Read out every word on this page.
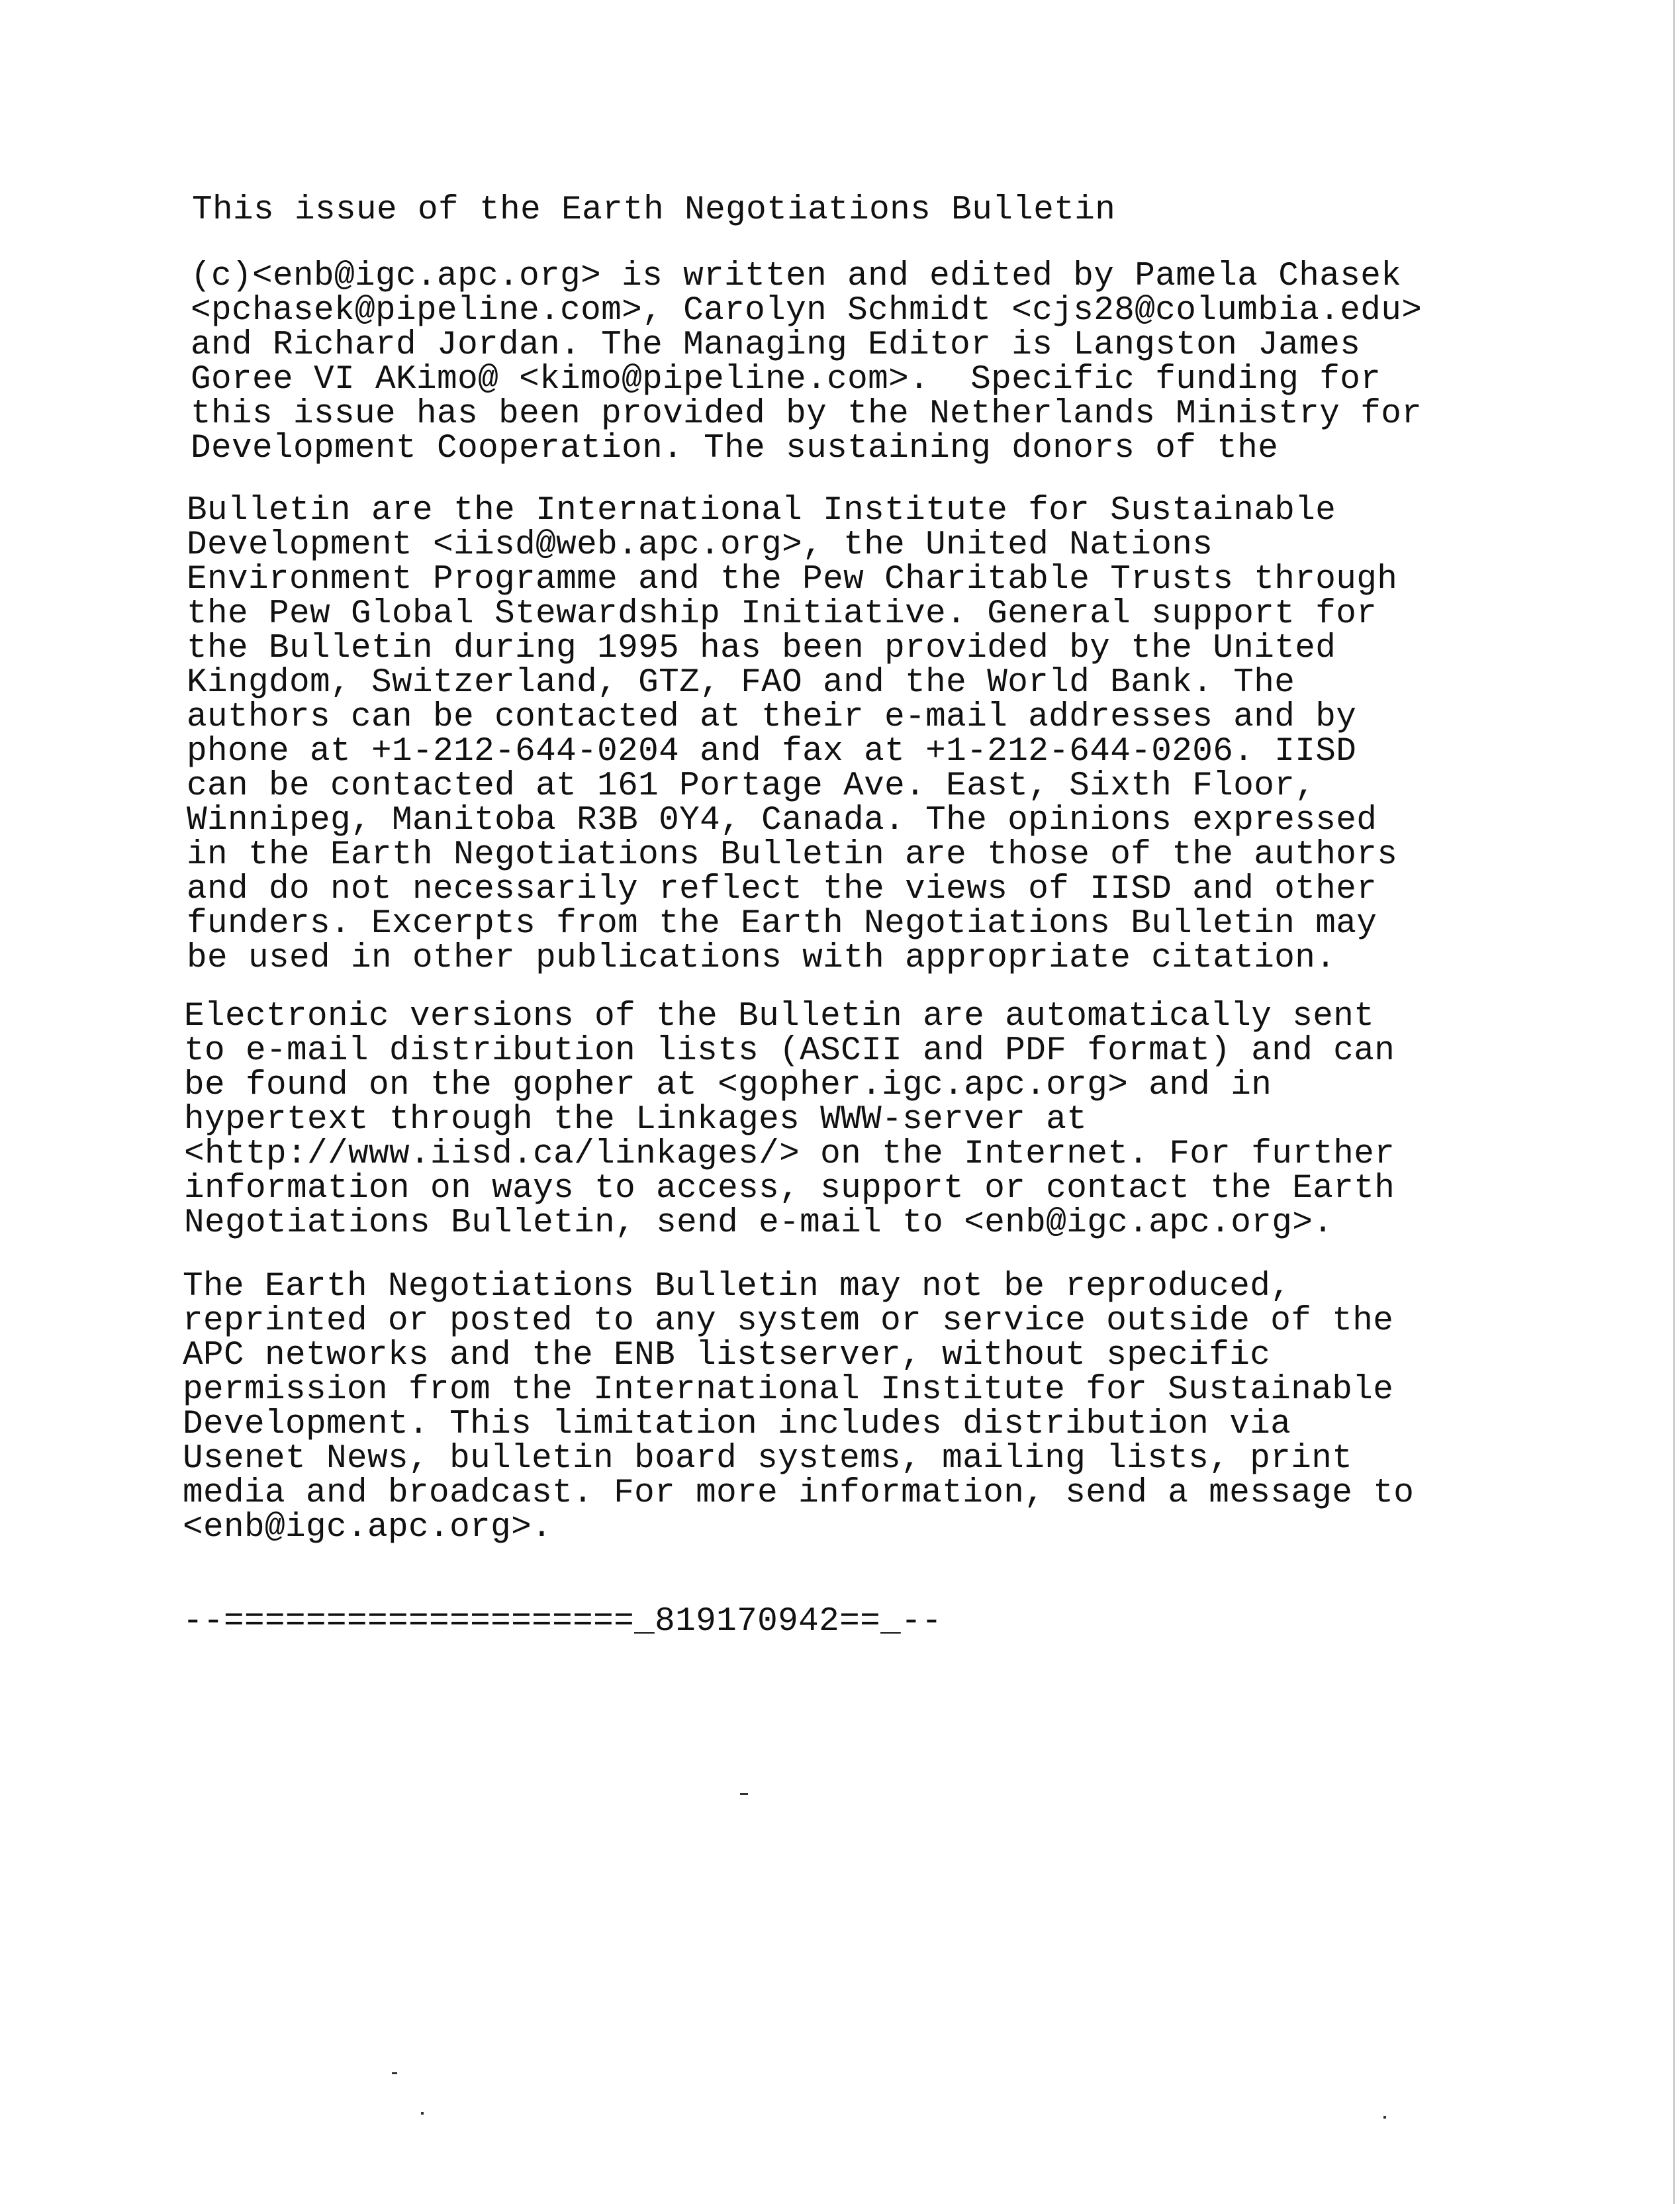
This issue of the Earth Negotiations Bulletin

(c)<enb@igc.apc.org> is written and edited by Pamela Chasek
<pchasek@pipeline.com>, Carolyn Schmidt <cjs28@columbia.edu>
and Richard Jordan. The Managing Editor is Langston James
Goree VI AKimo@ <kimo@pipeline.com>.  Specific funding for
this issue has been provided by the Netherlands Ministry for
Development Cooperation. The sustaining donors of the

Bulletin are the International Institute for Sustainable
Development <iisd@web.apc.org>, the United Nations
Environment Programme and the Pew Charitable Trusts through
the Pew Global Stewardship Initiative. General support for
the Bulletin during 1995 has been provided by the United
Kingdom, Switzerland, GTZ, FAO and the World Bank. The
authors can be contacted at their e-mail addresses and by
phone at +1-212-644-0204 and fax at +1-212-644-0206. IISD
can be contacted at 161 Portage Ave. East, Sixth Floor,
Winnipeg, Manitoba R3B 0Y4, Canada. The opinions expressed
in the Earth Negotiations Bulletin are those of the authors
and do not necessarily reflect the views of IISD and other
funders. Excerpts from the Earth Negotiations Bulletin may
be used in other publications with appropriate citation.

Electronic versions of the Bulletin are automatically sent
to e-mail distribution lists (ASCII and PDF format) and can
be found on the gopher at <gopher.igc.apc.org> and in
hypertext through the Linkages WWW-server at
<http://www.iisd.ca/linkages/> on the Internet. For further
information on ways to access, support or contact the Earth
Negotiations Bulletin, send e-mail to <enb@igc.apc.org>.

The Earth Negotiations Bulletin may not be reproduced,
reprinted or posted to any system or service outside of the
APC networks and the ENB listserver, without specific
permission from the International Institute for Sustainable
Development. This limitation includes distribution via
Usenet News, bulletin board systems, mailing lists, print
media and broadcast. For more information, send a message to
<enb@igc.apc.org>.

--====================_819170942==_--
